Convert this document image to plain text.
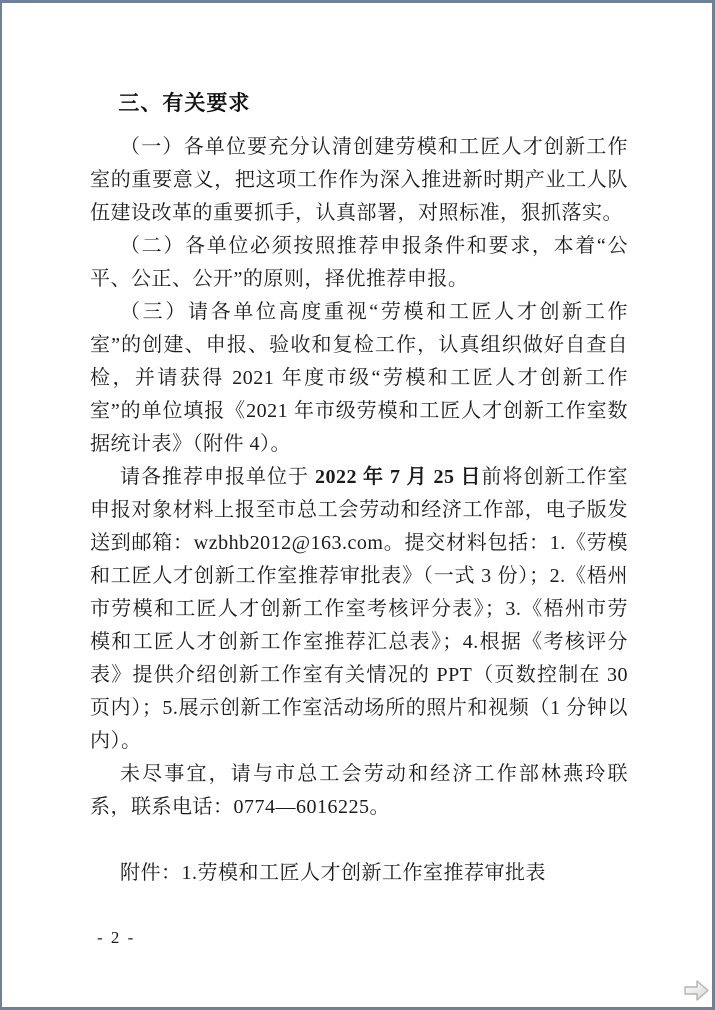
三、有关要求

（一）各单位要充分认清创建劳模和工匠人才创新工作室的重要意义，把这项工作作为深入推进新时期产业工人队伍建设改革的重要抓手，认真部署，对照标准，狠抓落实。

（二）各单位必须按照推荐申报条件和要求，本着“公平、公正、公开”的原则，择优推荐申报。

（三）请各单位高度重视“劳模和工匠人才创新工作室”的创建、申报、验收和复检工作，认真组织做好自查自检，并请获得 2021 年度市级“劳模和工匠人才创新工作室”的单位填报《2021 年市级劳模和工匠人才创新工作室数据统计表》（附件 4）。

请各推荐申报单位于 2022 年 7 月 25 日前将创新工作室申报对象材料上报至市总工会劳动和经济工作部，电子版发送到邮箱：wzbhb2012@163.com。提交材料包括：1.《劳模和工匠人才创新工作室推荐审批表》（一式 3 份）；2.《梧州市劳模和工匠人才创新工作室考核评分表》；3.《梧州市劳模和工匠人才创新工作室推荐汇总表》；4.根据《考核评分表》提供介绍创新工作室有关情况的 PPT（页数控制在 30 页内）；5.展示创新工作室活动场所的照片和视频（1 分钟以内）。

未尽事宜，请与市总工会劳动和经济工作部林燕玲联系，联系电话：0774—6016225。

附件：1.劳模和工匠人才创新工作室推荐审批表

- 2 -
